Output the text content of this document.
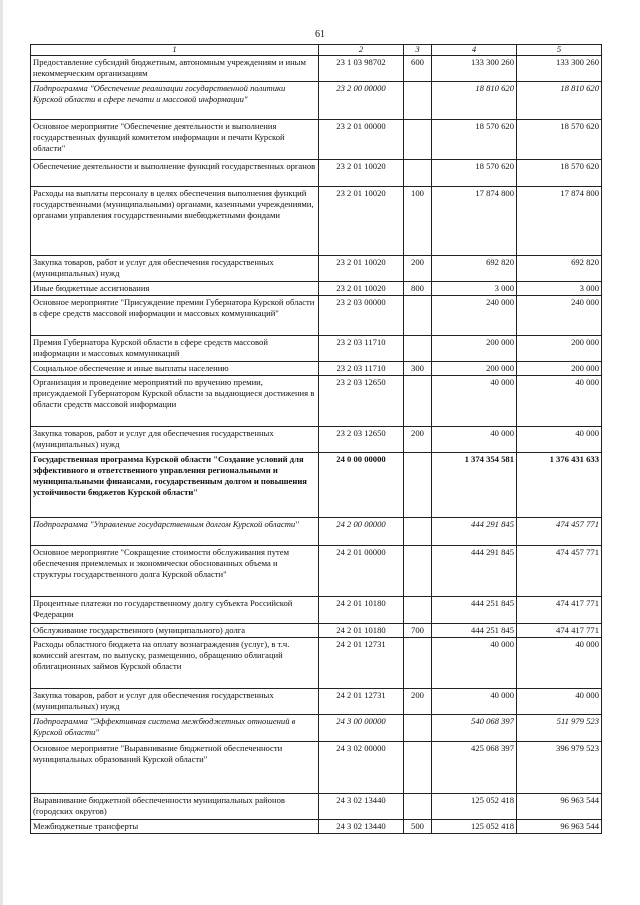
61
1	2	3	4	5
Предоставление субсидий бюджетным, автономным учреждениям и иным некоммерческим организациям	23 1 03 98702	600	133 300 260	133 300 260
Подпрограмма "Обеспечение реализации государственной политики Курской области в сфере печати и массовой информации"	23 2 00 00000		18 810 620	18 810 620
Основное мероприятие "Обеспечение деятельности и выполнения государственных функций комитетом информации и печати Курской области"	23 2 01 00000		18 570 620	18 570 620
Обеспечение деятельности и выполнение функций государственных органов	23 2 01 10020		18 570 620	18 570 620
Расходы на выплаты персоналу в целях обеспечения выполнения функций государственными (муниципальными) органами, казенными учреждениями, органами управления государственными внебюджетными фондами	23 2 01 10020	100	17 874 800	17 874 800
Закупка товаров, работ и услуг для обеспечения государственных (муниципальных) нужд	23 2 01 10020	200	692 820	692 820
Иные бюджетные ассигнования	23 2 01 10020	800	3 000	3 000
Основное мероприятие "Присуждение премии Губернатора Курской области в сфере средств массовой информации и массовых коммуникаций"	23 2 03 00000		240 000	240 000
Премия Губернатора Курской области в сфере средств массовой информации и массовых коммуникаций	23 2 03 11710		200 000	200 000
Социальное обеспечение и иные выплаты населению	23 2 03 11710	300	200 000	200 000
Организация и проведение мероприятий по вручению премии, присуждаемой Губернатором Курской области за выдающиеся достижения в области средств массовой информации	23 2 03 12650		40 000	40 000
Закупка товаров, работ и услуг для обеспечения государственных (муниципальных) нужд	23 2 03 12650	200	40 000	40 000
Государственная программа Курской области "Создание условий для эффективного и ответственного управления региональными и муниципальными финансами, государственным долгом и повышения устойчивости бюджетов Курской области"	24 0 00 00000		1 374 354 581	1 376 431 633
Подпрограмма "Управление государственным долгом Курской области"	24 2 00 00000		444 291 845	474 457 771
Основное мероприятие "Сокращение стоимости обслуживания путем обеспечения приемлемых и экономически обоснованных объема и структуры государственного долга Курской области"	24 2 01 00000		444 291 845	474 457 771
Процентные платежи по государственному долгу субъекта Российской Федерации	24 2 01 10180		444 251 845	474 417 771
Обслуживание государственного (муниципального) долга	24 2 01 10180	700	444 251 845	474 417 771
Расходы областного бюджета на оплату вознаграждения (услуг), в т.ч. комиссий агентам, по выпуску, размещению, обращению облигаций облигационных займов Курской области	24 2 01 12731		40 000	40 000
Закупка товаров, работ и услуг для обеспечения государственных (муниципальных) нужд	24 2 01 12731	200	40 000	40 000
Подпрограмма "Эффективная система межбюджетных отношений в Курской области"	24 3 00 00000		540 068 397	511 979 523
Основное мероприятие "Выравнивание бюджетной обеспеченности муниципальных образований Курской области"	24 3 02 00000		425 068 397	396 979 523
Выравнивание бюджетной обеспеченности муниципальных районов (городских округов)	24 3 02 13440		125 052 418	96 963 544
Межбюджетные трансферты	24 3 02 13440	500	125 052 418	96 963 544
